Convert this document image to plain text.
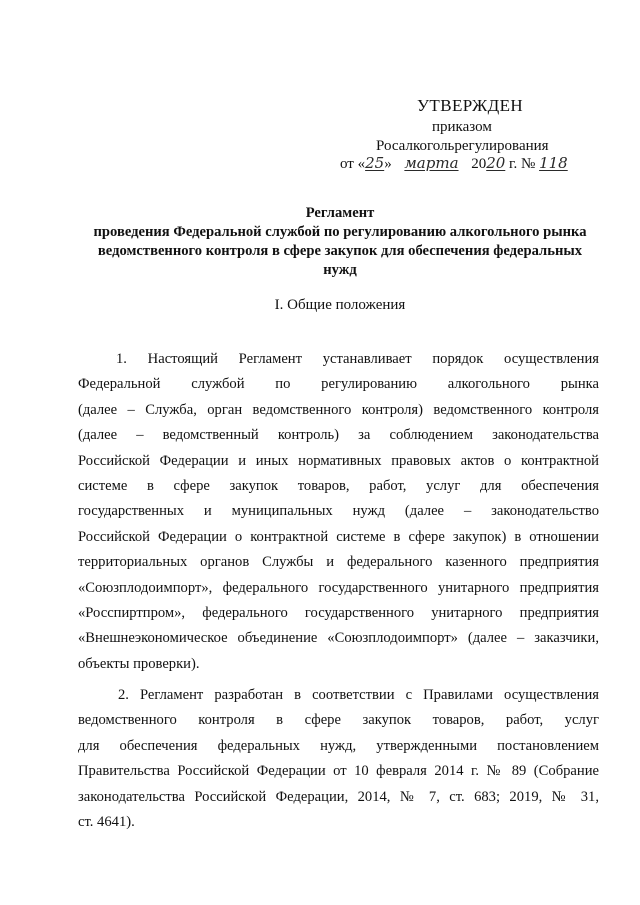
УТВЕРЖДЕН
приказом
Росалкогольрегулирования
от «25» марта 2020 г. № 118
Регламент
проведения Федеральной службой по регулированию алкогольного рынка
ведомственного контроля в сфере закупок для обеспечения федеральных
нужд
I. Общие положения
1. Настоящий Регламент устанавливает порядок осуществления
Федеральной службой по регулированию алкогольного рынка
(далее – Служба, орган ведомственного контроля) ведомственного контроля
(далее – ведомственный контроль) за соблюдением законодательства
Российской Федерации и иных нормативных правовых актов о контрактной
системе в сфере закупок товаров, работ, услуг для обеспечения
государственных и муниципальных нужд (далее – законодательство
Российской Федерации о контрактной системе в сфере закупок) в отношении
территориальных органов Службы и федерального казенного предприятия
«Союзплодоимпорт», федерального государственного унитарного предприятия
«Росспиртпром», федерального государственного унитарного предприятия
«Внешнеэкономическое объединение «Союзплодоимпорт» (далее – заказчики,
объекты проверки).
2. Регламент разработан в соответствии с Правилами осуществления
ведомственного контроля в сфере закупок товаров, работ, услуг
для обеспечения федеральных нужд, утвержденными постановлением
Правительства Российской Федерации от 10 февраля 2014 г. № 89 (Собрание
законодательства Российской Федерации, 2014, № 7, ст. 683; 2019, № 31,
ст. 4641).
